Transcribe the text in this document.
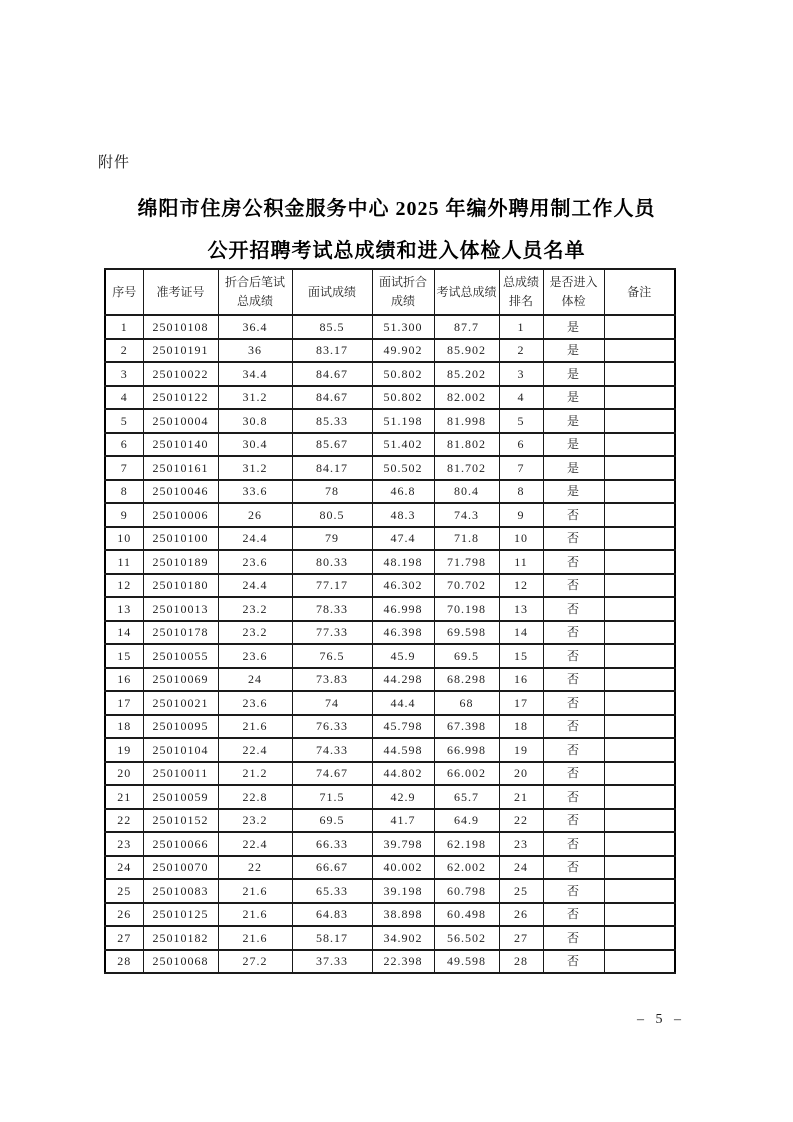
附件
绵阳市住房公积金服务中心 2025 年编外聘用制工作人员
公开招聘考试总成绩和进入体检人员名单
序号	准考证号	折合后笔试总成绩	面试成绩	面试折合成绩	考试总成绩	总成绩排名	是否进入体检	备注
1	25010108	36.4	85.5	51.300	87.7	1	是	
2	25010191	36	83.17	49.902	85.902	2	是	
3	25010022	34.4	84.67	50.802	85.202	3	是	
4	25010122	31.2	84.67	50.802	82.002	4	是	
5	25010004	30.8	85.33	51.198	81.998	5	是	
6	25010140	30.4	85.67	51.402	81.802	6	是	
7	25010161	31.2	84.17	50.502	81.702	7	是	
8	25010046	33.6	78	46.8	80.4	8	是	
9	25010006	26	80.5	48.3	74.3	9	否	
10	25010100	24.4	79	47.4	71.8	10	否	
11	25010189	23.6	80.33	48.198	71.798	11	否	
12	25010180	24.4	77.17	46.302	70.702	12	否	
13	25010013	23.2	78.33	46.998	70.198	13	否	
14	25010178	23.2	77.33	46.398	69.598	14	否	
15	25010055	23.6	76.5	45.9	69.5	15	否	
16	25010069	24	73.83	44.298	68.298	16	否	
17	25010021	23.6	74	44.4	68	17	否	
18	25010095	21.6	76.33	45.798	67.398	18	否	
19	25010104	22.4	74.33	44.598	66.998	19	否	
20	25010011	21.2	74.67	44.802	66.002	20	否	
21	25010059	22.8	71.5	42.9	65.7	21	否	
22	25010152	23.2	69.5	41.7	64.9	22	否	
23	25010066	22.4	66.33	39.798	62.198	23	否	
24	25010070	22	66.67	40.002	62.002	24	否	
25	25010083	21.6	65.33	39.198	60.798	25	否	
26	25010125	21.6	64.83	38.898	60.498	26	否	
27	25010182	21.6	58.17	34.902	56.502	27	否	
28	25010068	27.2	37.33	22.398	49.598	28	否	
– 5 –
